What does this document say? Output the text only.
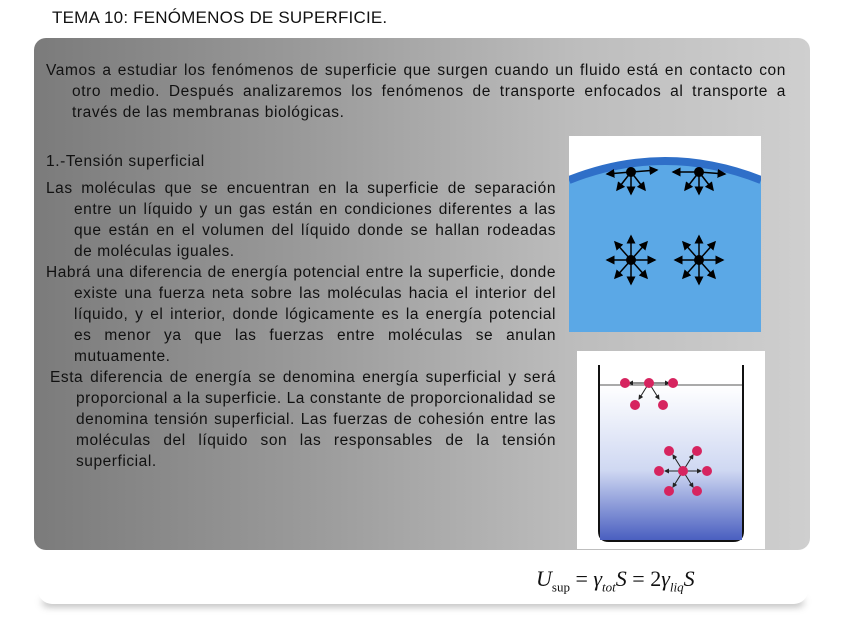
TEMA 10: FENÓMENOS DE SUPERFICIE.

Vamos a estudiar los fenómenos de superficie que surgen cuando un fluido está en contacto con otro medio. Después analizaremos los fenómenos de transporte enfocados al transporte a través de las membranas biológicas.

1.-Tensión superficial

Las moléculas que se encuentran en la superficie de separación entre un líquido y un gas están en condiciones diferentes a las que están en el volumen del líquido donde se hallan rodeadas de moléculas iguales.

Habrá una diferencia de energía potencial entre la superficie, donde existe una fuerza neta sobre las moléculas hacia el interior del líquido, y el interior, donde lógicamente es la energía potencial es menor ya que las fuerzas entre moléculas se anulan mutuamente.

Esta diferencia de energía se denomina energía superficial y será proporcional a la superficie. La constante de proporcionalidad se denomina tensión superficial. Las fuerzas de cohesión entre las moléculas del líquido son las responsables de la tensión superficial.

$U_{sup} = \gamma_{tot}S = 2\gamma_{liq}S$
